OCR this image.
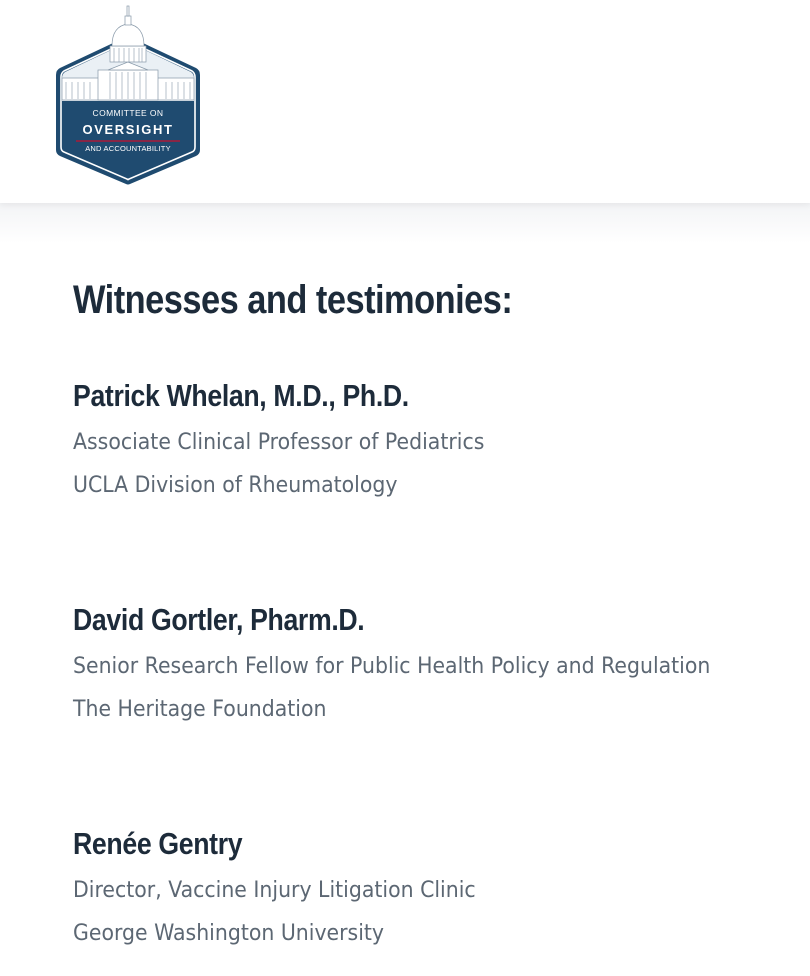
COMMITTEE ON
OVERSIGHT
AND ACCOUNTABILITY
Witnesses and testimonies:
Patrick Whelan, M.D., Ph.D.

Associate Clinical Professor of Pediatrics

UCLA Division of Rheumatology

David Gortler, Pharm.D.

Senior Research Fellow for Public Health Policy and Regulation

The Heritage Foundation

Renée Gentry

Director, Vaccine Injury Litigation Clinic

George Washington University
